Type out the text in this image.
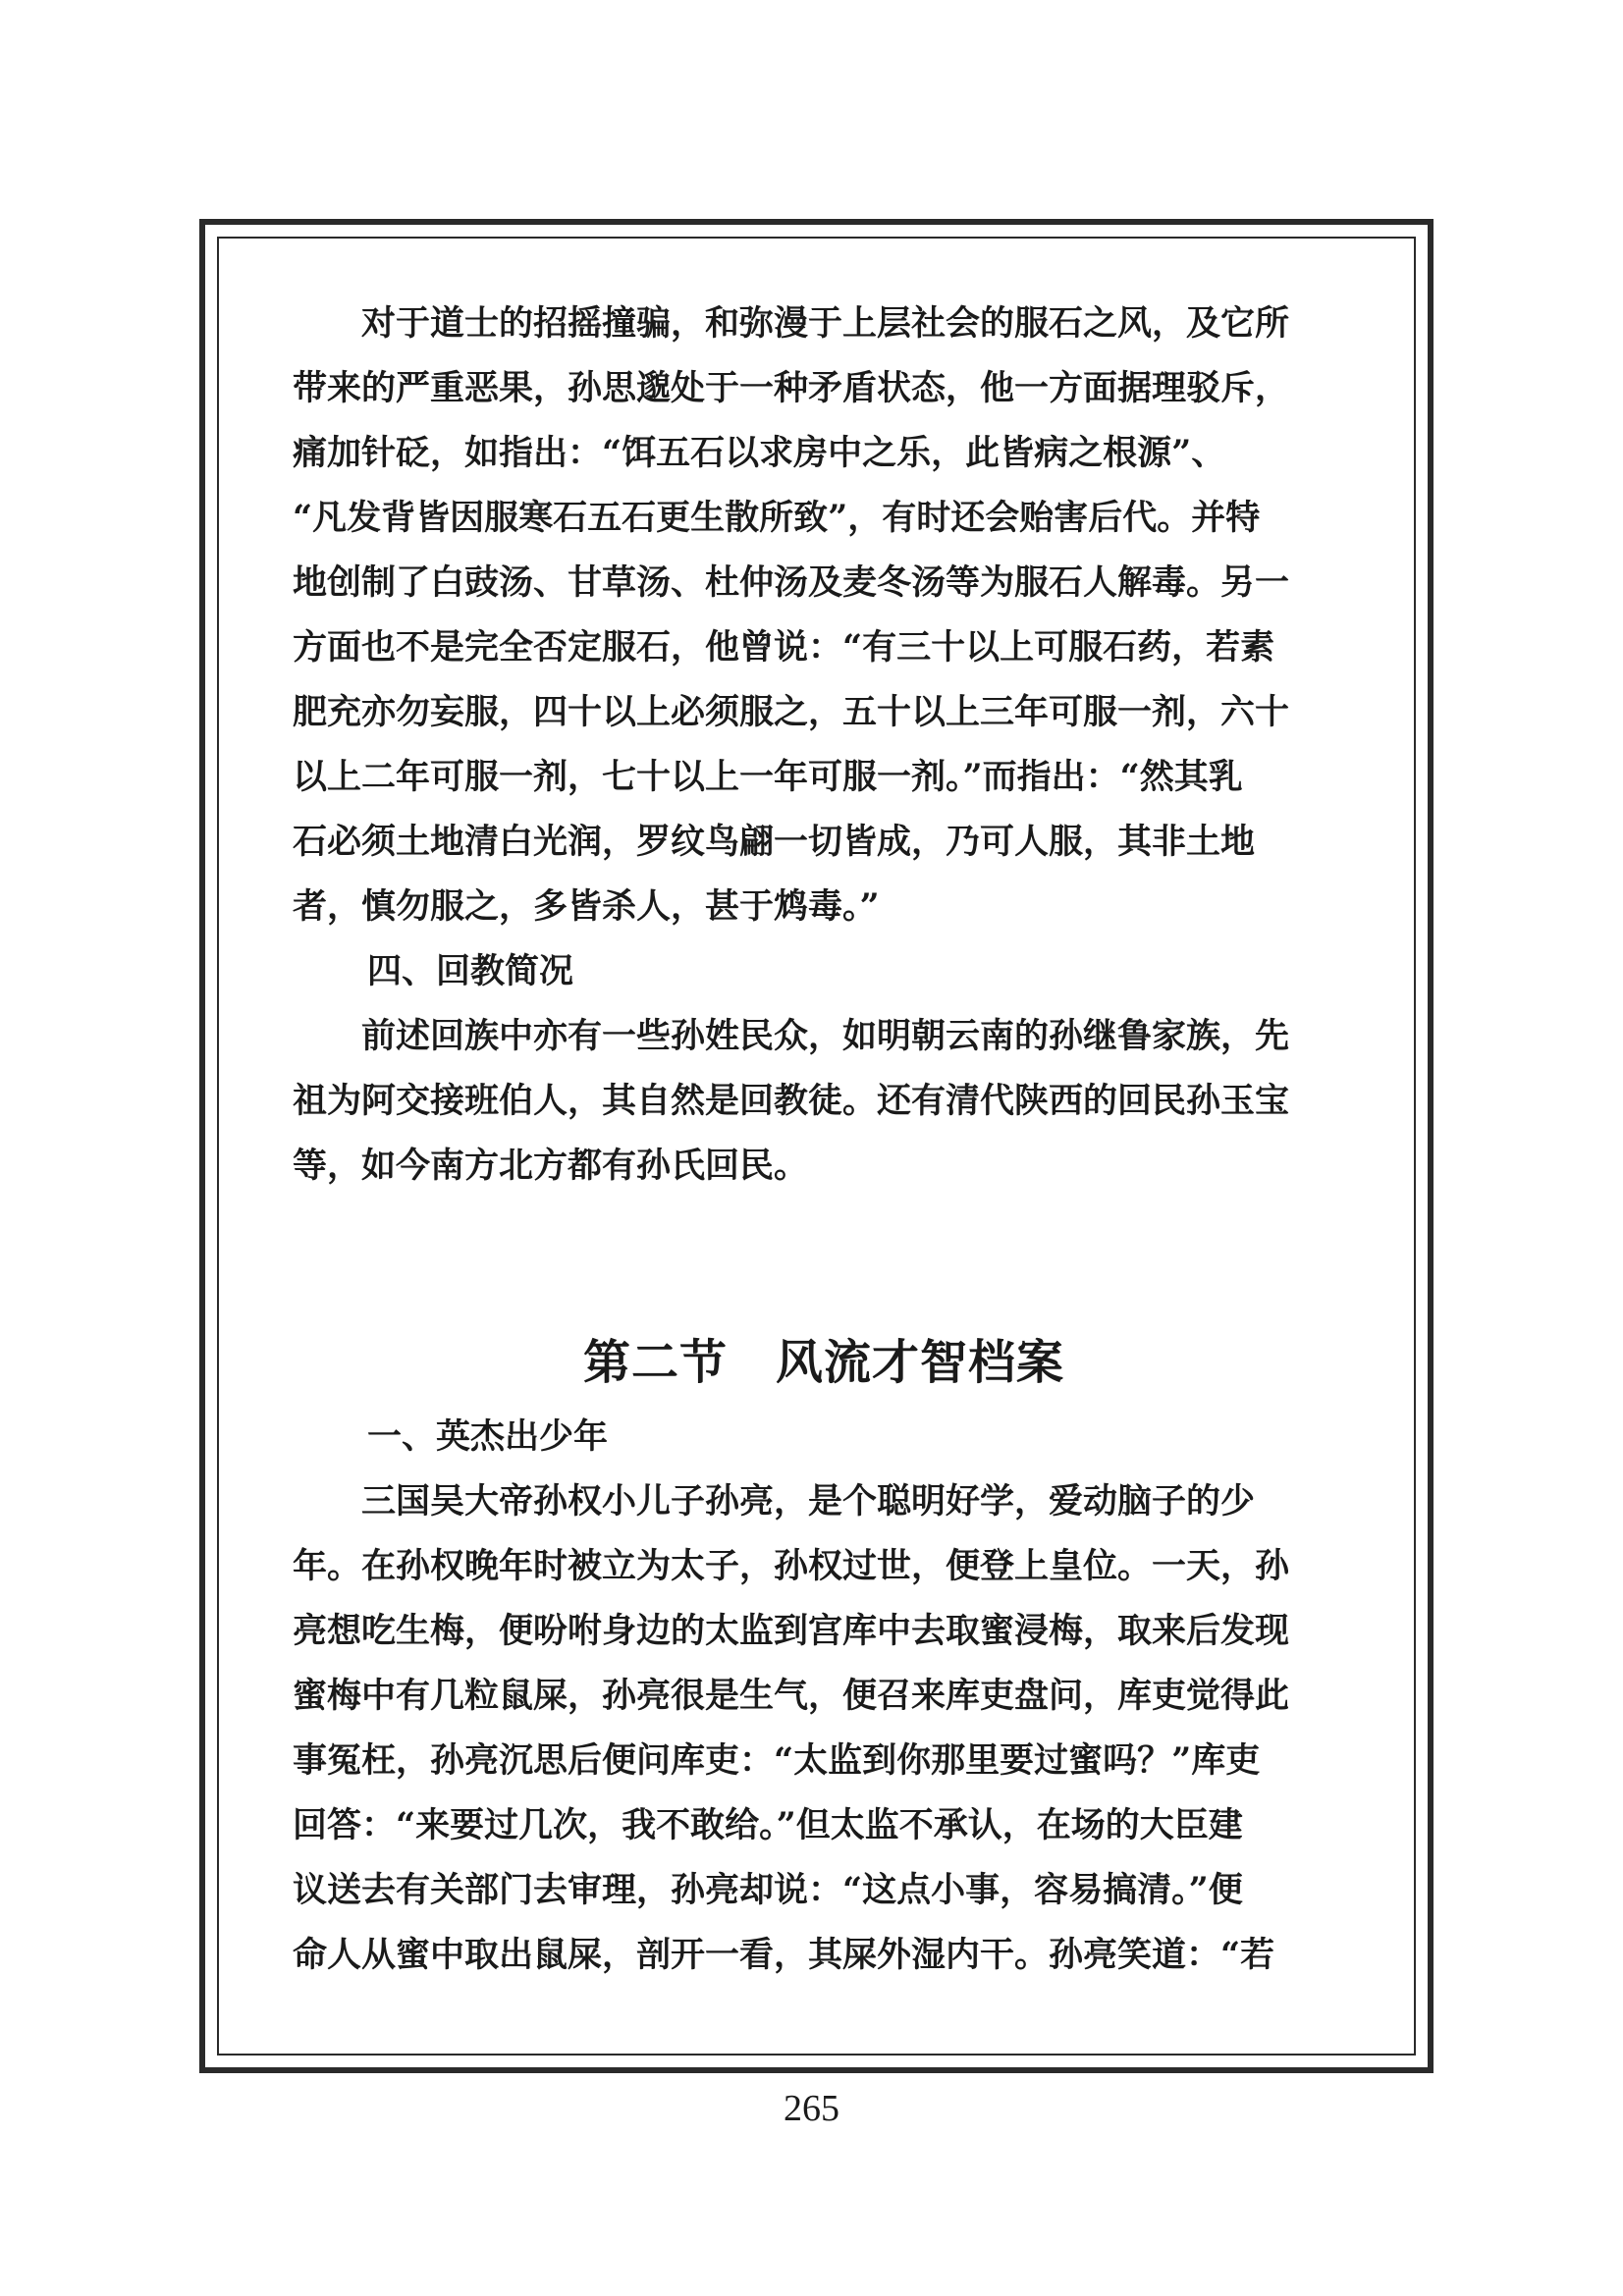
对于道士的招摇撞骗，和弥漫于上层社会的服石之风，及它所
带来的严重恶果，孙思邈处于一种矛盾状态，他一方面据理驳斥，
痛加针砭，如指出：“饵五石以求房中之乐，此皆病之根源”、
“凡发背皆因服寒石五石更生散所致”，有时还会贻害后代。并特
地创制了白豉汤、甘草汤、杜仲汤及麦冬汤等为服石人解毒。另一
方面也不是完全否定服石，他曾说：“有三十以上可服石药，若素
肥充亦勿妄服，四十以上必须服之，五十以上三年可服一剂，六十
以上二年可服一剂，七十以上一年可服一剂。”而指出：“然其乳
石必须土地清白光润，罗纹鸟翩一切皆成，乃可人服，其非土地
者，慎勿服之，多皆杀人，甚于鸩毒。”

四、回教简况

前述回族中亦有一些孙姓民众，如明朝云南的孙继鲁家族，先
祖为阿交接班伯人，其自然是回教徒。还有清代陕西的回民孙玉宝
等，如今南方北方都有孙氏回民。

第二节　风流才智档案

一、英杰出少年

三国吴大帝孙权小儿子孙亮，是个聪明好学，爱动脑子的少
年。在孙权晚年时被立为太子，孙权过世，便登上皇位。一天，孙
亮想吃生梅，便吩咐身边的太监到宫库中去取蜜浸梅，取来后发现
蜜梅中有几粒鼠屎，孙亮很是生气，便召来库吏盘问，库吏觉得此
事冤枉，孙亮沉思后便问库吏：“太监到你那里要过蜜吗？”库吏
回答：“来要过几次，我不敢给。”但太监不承认，在场的大臣建
议送去有关部门去审理，孙亮却说：“这点小事，容易搞清。”便
命人从蜜中取出鼠屎，剖开一看，其屎外湿内干。孙亮笑道：“若

265
